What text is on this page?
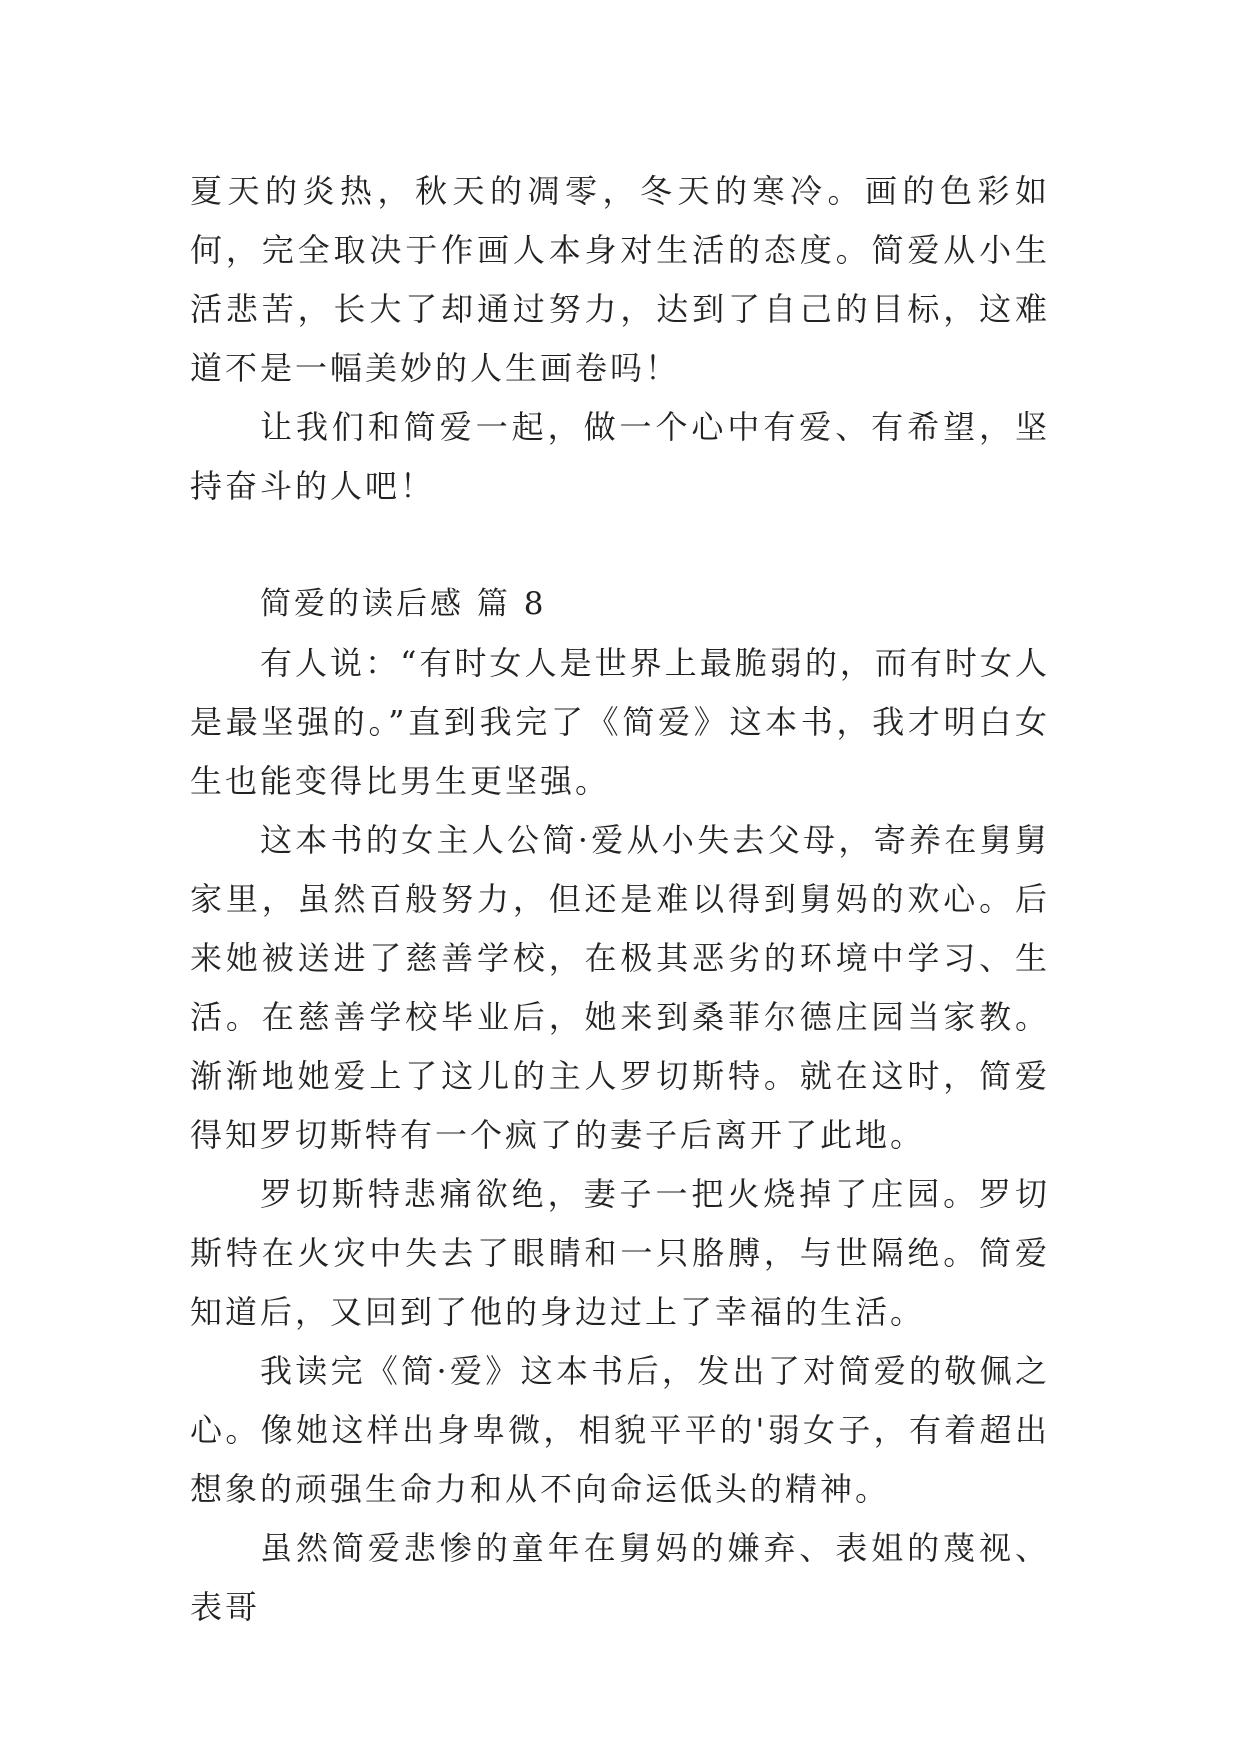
夏天的炎热，秋天的凋零，冬天的寒冷。画的色彩如何，完全取决于作画人本身对生活的态度。简爱从小生活悲苦，长大了却通过努力，达到了自己的目标，这难道不是一幅美妙的人生画卷吗！

让我们和简爱一起，做一个心中有爱、有希望，坚持奋斗的人吧！

简爱的读后感 篇 8

有人说：“有时女人是世界上最脆弱的，而有时女人是最坚强的。”直到我完了《简爱》这本书，我才明白女生也能变得比男生更坚强。

这本书的女主人公简·爱从小失去父母，寄养在舅舅家里，虽然百般努力，但还是难以得到舅妈的欢心。后来她被送进了慈善学校，在极其恶劣的环境中学习、生活。在慈善学校毕业后，她来到桑菲尔德庄园当家教。渐渐地她爱上了这儿的主人罗切斯特。就在这时，简爱得知罗切斯特有一个疯了的妻子后离开了此地。

罗切斯特悲痛欲绝，妻子一把火烧掉了庄园。罗切斯特在火灾中失去了眼睛和一只胳膊，与世隔绝。简爱知道后，又回到了他的身边过上了幸福的生活。

我读完《简·爱》这本书后，发出了对简爱的敬佩之心。像她这样出身卑微，相貌平平的'弱女子，有着超出想象的顽强生命力和从不向命运低头的精神。

虽然简爱悲惨的童年在舅妈的嫌弃、表姐的蔑视、表哥
